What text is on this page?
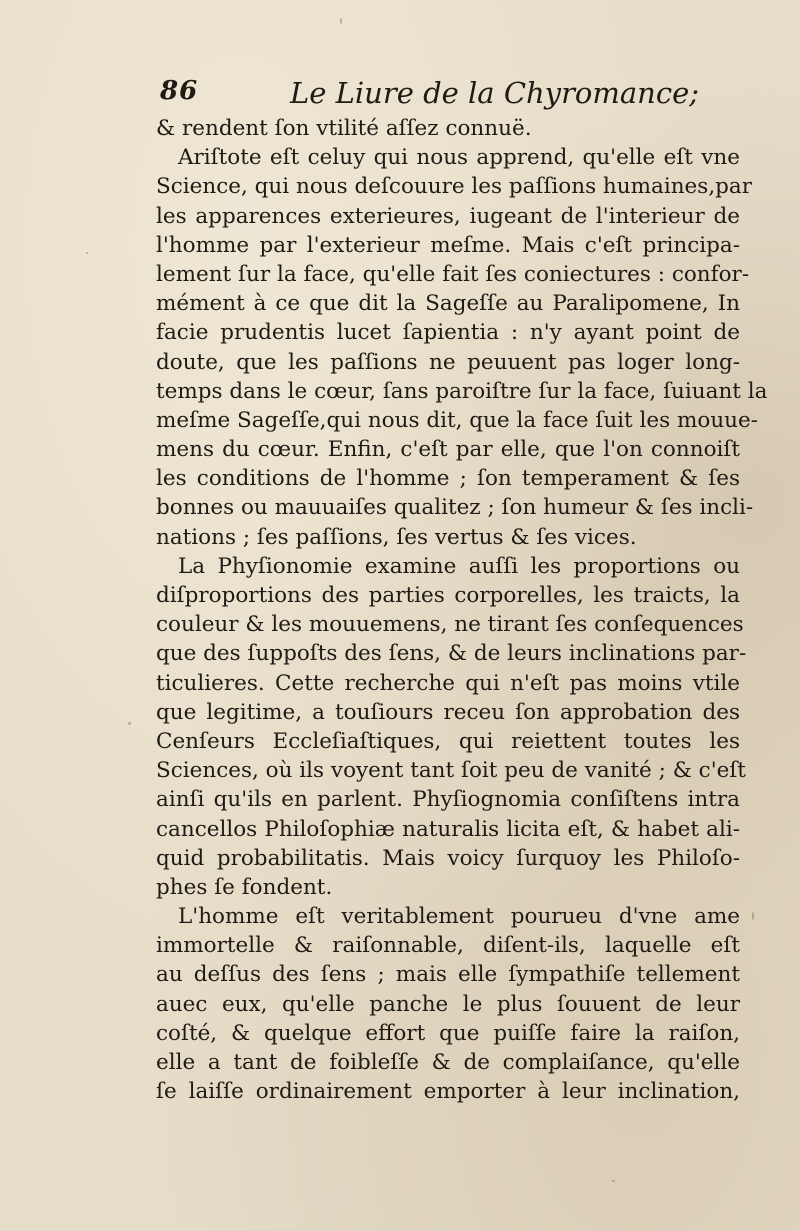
86	Le Liure de la Chyromance;
& rendent ſon vtilité aſſez connuë.
Ariſtote eſt celuy qui nous apprend, qu'elle eſt vne
Science, qui nous deſcouure les paſſions humaines,par
les apparences exterieures, iugeant de l'interieur de
l'homme par l'exterieur meſme. Mais c'eſt principa-
lement ſur la face, qu'elle fait ſes coniectures : confor-
mément à ce que dit la Sageſſe au Paralipomene, In
facie prudentis lucet ſapientia : n'y ayant point de
doute, que les paſſions ne peuuent pas loger long-
temps dans le cœur, ſans paroiſtre ſur la face, ſuiuant la
meſme Sageſſe,qui nous dit, que la face ſuit les mouue-
mens du cœur. Enfin, c'eſt par elle, que l'on connoiſt
les conditions de l'homme ; ſon temperament & ſes
bonnes ou mauuaiſes qualitez ; ſon humeur & ſes incli-
nations ; ſes paſſions, ſes vertus & ſes vices.
La Phyſionomie examine auſſi les proportions ou
diſproportions des parties corporelles, les traicts, la
couleur & les mouuemens, ne tirant ſes conſequences
que des ſuppoſts des ſens, & de leurs inclinations par-
ticulieres. Cette recherche qui n'eſt pas moins vtile
que legitime, a touſiours receu ſon approbation des
Cenſeurs Eccleſiaſtiques, qui reiettent toutes les
Sciences, où ils voyent tant ſoit peu de vanité ; & c'eſt
ainſi qu'ils en parlent. Phyſiognomia conſiſtens intra
cancellos Philoſophiæ naturalis licita eſt, & habet ali-
quid probabilitatis. Mais voicy ſurquoy les Philoſo-
phes ſe fondent.
L'homme eſt veritablement pourueu d'vne ame
immortelle & raiſonnable, diſent-ils, laquelle eſt
au deſſus des ſens ; mais elle ſympathiſe tellement
auec eux, qu'elle panche le plus ſouuent de leur
coſté, & quelque effort que puiſſe faire la raiſon,
elle a tant de foibleſſe & de complaiſance, qu'elle
ſe laiſſe ordinairement emporter à leur inclination,
